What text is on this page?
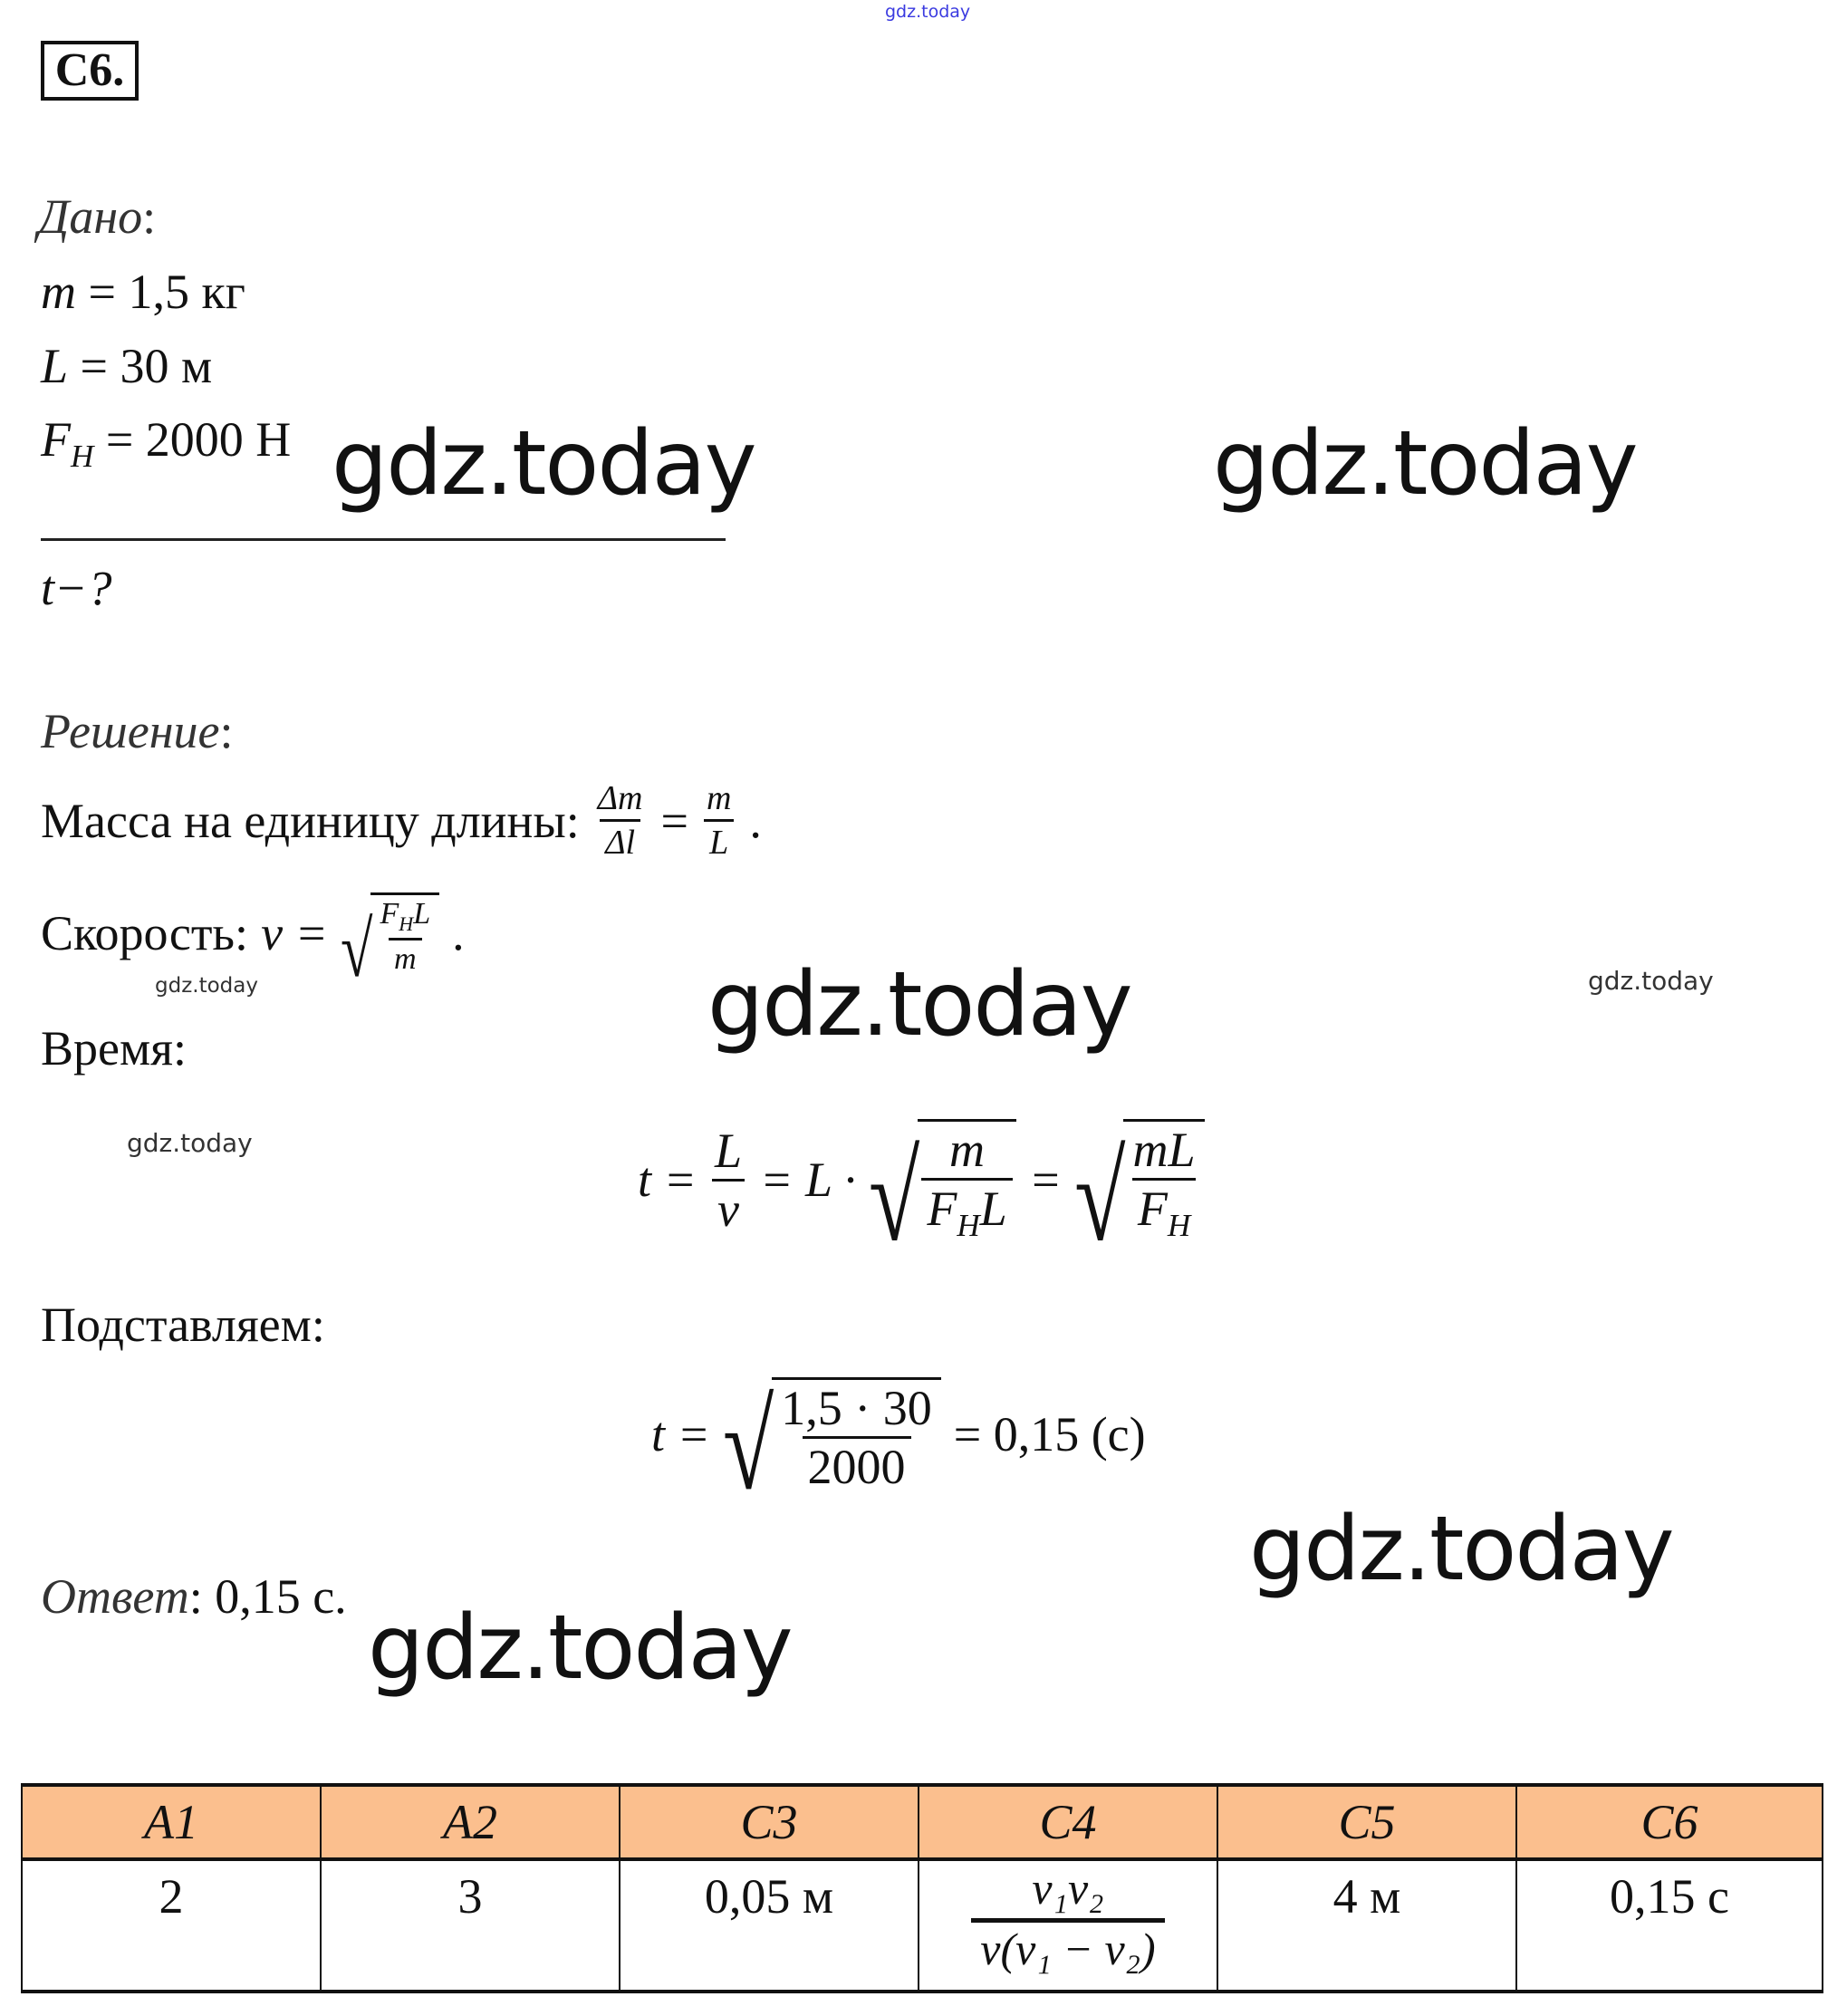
gdz.today
С6.
Дано:
m = 1,5 кг
L = 30 м
$F_H = 2000$ Н
t−?
Решение:
Масса на единицу длины: $\frac{\Delta m}{\Delta l} = \frac{m}{L}$ .
Скорость: v = √ $\frac{F_HL}{m}$ .
Время:
$t = \frac{L}{v} = L$ · √ $\frac{m}{F_HL}$ = √ $\frac{mL}{F_H}$
Подставляем:
t = √ $\frac{1,5 \cdot 30}{2000} = 0,15$ (с)
Ответ: 0,15 с.
A1	A2	C3	C4	C5	C6
2	3	0,05 м	$\frac{\text{v₁v₂}}{\text{v(v₁ − v₂)}}$	4 м	0,15 с
gdz.today	gdz.today
gdz.today
gdz.today
gdz.today
gdz.today	gdz.today
gdz.today
